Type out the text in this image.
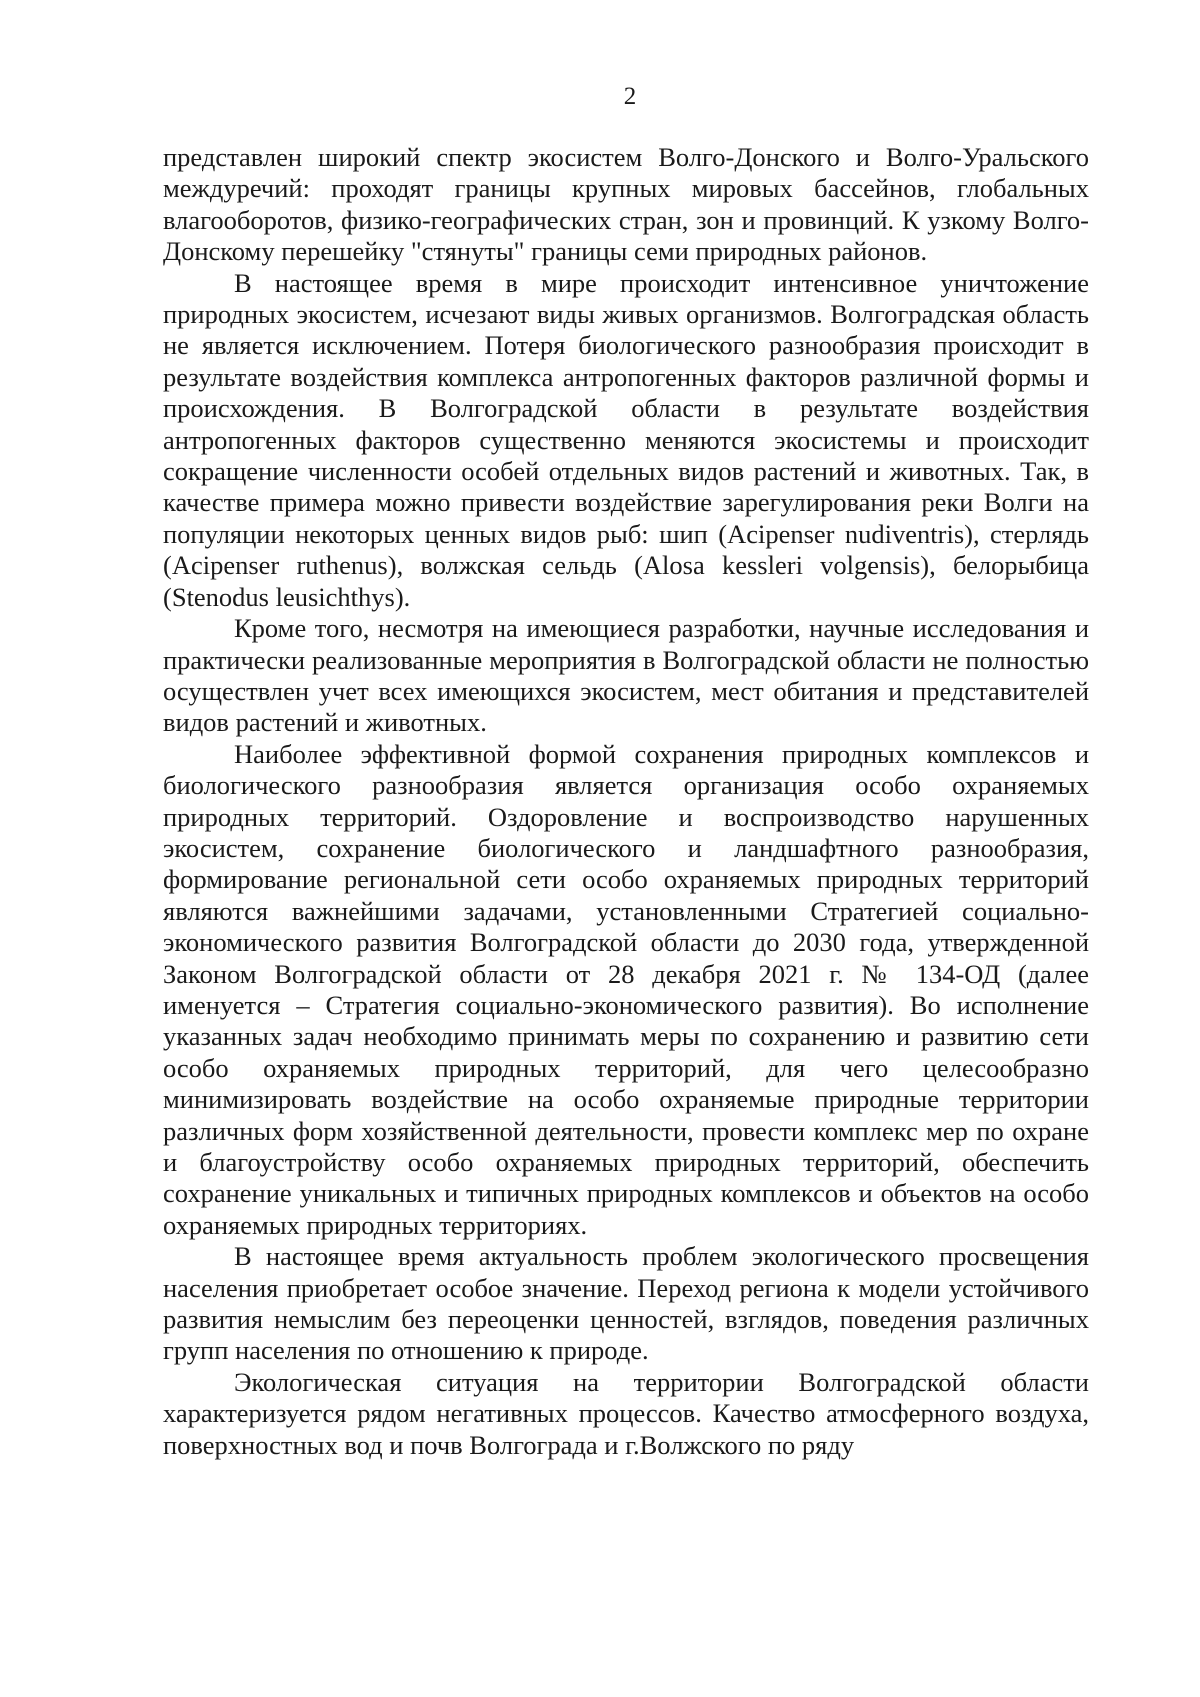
2

представлен широкий спектр экосистем Волго-Донского и Волго-Уральского междуречий: проходят границы крупных мировых бассейнов, глобальных влагооборотов, физико-географических стран, зон и провинций. К узкому Волго-Донскому перешейку "стянуты" границы семи природных районов.

В настоящее время в мире происходит интенсивное уничтожение природных экосистем, исчезают виды живых организмов. Волгоградская область не является исключением. Потеря биологического разнообразия происходит в результате воздействия комплекса антропогенных факторов различной формы и происхождения. В Волгоградской области в результате воздействия антропогенных факторов существенно меняются экосистемы и происходит сокращение численности особей отдельных видов растений и животных. Так, в качестве примера можно привести воздействие зарегулирования реки Волги на популяции некоторых ценных видов рыб: шип (Acipenser nudiventris), стерлядь (Acipenser ruthenus), волжская сельдь (Alosa kessleri volgensis), белорыбица (Stenodus leusichthys).

Кроме того, несмотря на имеющиеся разработки, научные исследования и практически реализованные мероприятия в Волгоградской области не полностью осуществлен учет всех имеющихся экосистем, мест обитания и представителей видов растений и животных.

Наиболее эффективной формой сохранения природных комплексов и биологического разнообразия является организация особо охраняемых природных территорий. Оздоровление и воспроизводство нарушенных экосистем, сохранение биологического и ландшафтного разнообразия, формирование региональной сети особо охраняемых природных территорий являются важнейшими задачами, установленными Стратегией социально-экономического развития Волгоградской области до 2030 года, утвержденной Законом Волгоградской области от 28 декабря 2021 г. № 134-ОД (далее именуется – Стратегия социально-экономического развития). Во исполнение указанных задач необходимо принимать меры по сохранению и развитию сети особо охраняемых природных территорий, для чего целесообразно минимизировать воздействие на особо охраняемые природные территории различных форм хозяйственной деятельности, провести комплекс мер по охране и благоустройству особо охраняемых природных территорий, обеспечить сохранение уникальных и типичных природных комплексов и объектов на особо охраняемых природных территориях.

В настоящее время актуальность проблем экологического просвещения населения приобретает особое значение. Переход региона к модели устойчивого развития немыслим без переоценки ценностей, взглядов, поведения различных групп населения по отношению к природе.

Экологическая ситуация на территории Волгоградской области характеризуется рядом негативных процессов. Качество атмосферного воздуха, поверхностных вод и почв Волгограда и г.Волжского по ряду
